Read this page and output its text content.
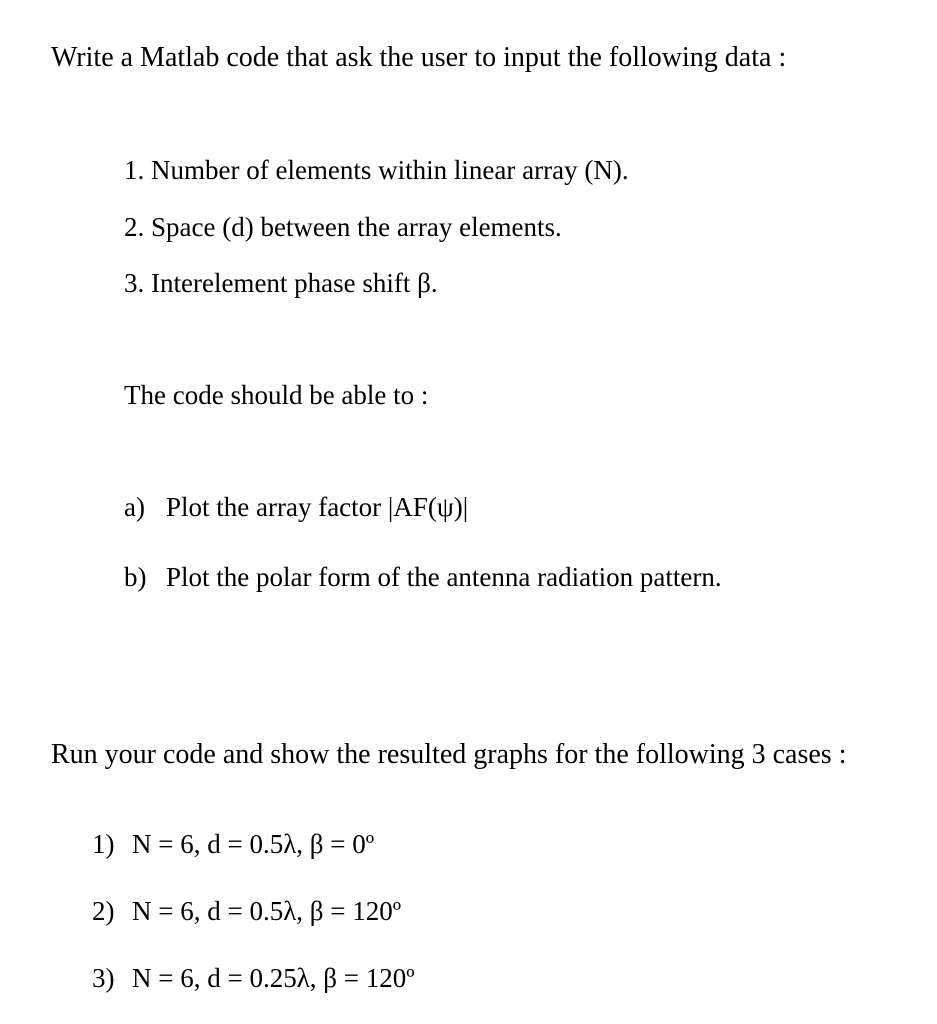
Write a Matlab code that ask the user to input the following data :
1. Number of elements within linear array (N).
2. Space (d) between the array elements.
3. Interelement phase shift β.
The code should be able to :
a) Plot the array factor |AF(ψ)|
b) Plot the polar form of the antenna radiation pattern.
Run your code and show the resulted graphs for the following 3 cases :
1) N = 6, d = 0.5λ, β = 0º
2) N = 6, d = 0.5λ, β = 120º
3) N = 6, d = 0.25λ, β = 120º
